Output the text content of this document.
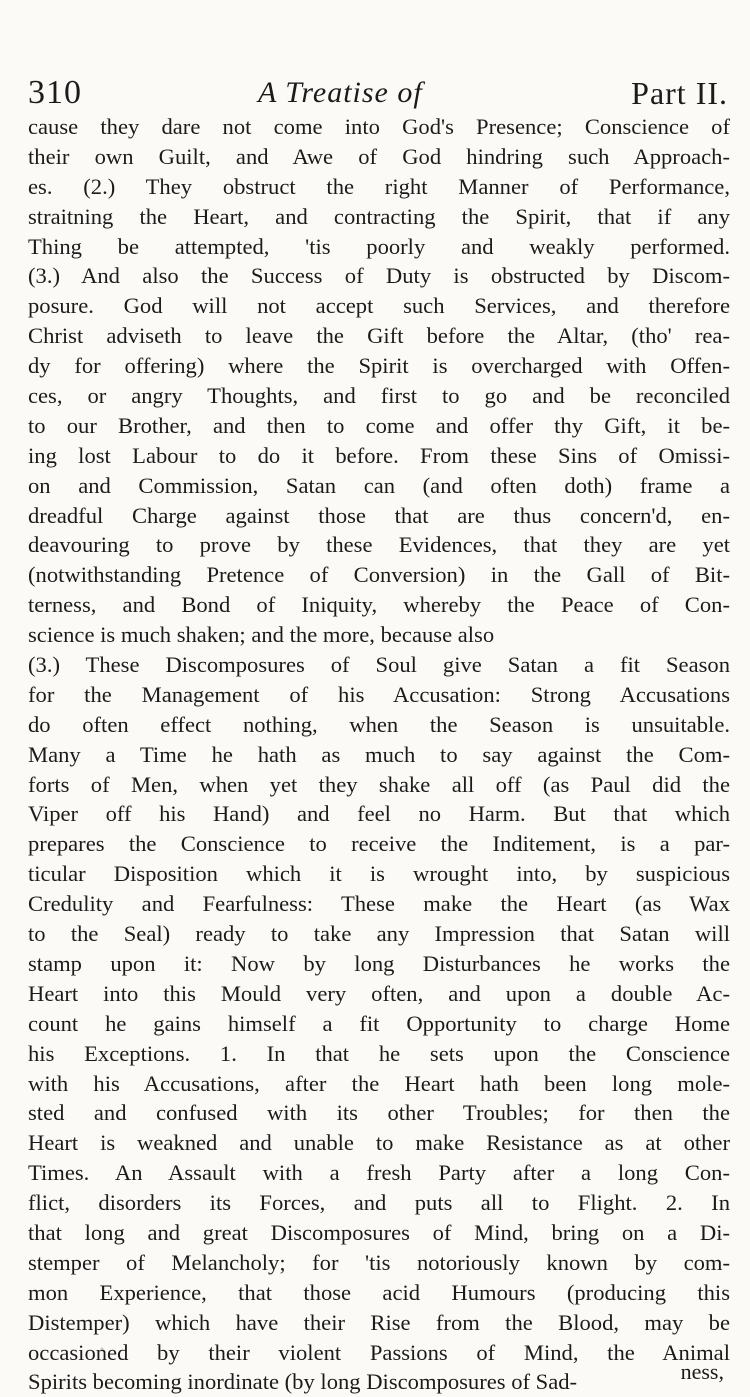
310	A Treatise of	Part II.
cause they dare not come into God's Presence; Conscience of
their own Guilt, and Awe of God hindring such Approach-
es. (2.) They obstruct the right Manner of Performance,
straitning the Heart, and contracting the Spirit, that if any
Thing be attempted, 'tis poorly and weakly performed.
(3.) And also the Success of Duty is obstructed by Discom-
posure. God will not accept such Services, and therefore
Christ adviseth to leave the Gift before the Altar, (tho' rea-
dy for offering) where the Spirit is overcharged with Offen-
ces, or angry Thoughts, and first to go and be reconciled
to our Brother, and then to come and offer thy Gift, it be-
ing lost Labour to do it before. From these Sins of Omissi-
on and Commission, Satan can (and often doth) frame a
dreadful Charge against those that are thus concern'd, en-
deavouring to prove by these Evidences, that they are yet
(notwithstanding Pretence of Conversion) in the Gall of Bit-
terness, and Bond of Iniquity, whereby the Peace of Con-
science is much shaken; and the more, because also
(3.) These Discomposures of Soul give Satan a fit Season
for the Management of his Accusation: Strong Accusations
do often effect nothing, when the Season is unsuitable.
Many a Time he hath as much to say against the Com-
forts of Men, when yet they shake all off (as Paul did the
Viper off his Hand) and feel no Harm. But that which
prepares the Conscience to receive the Inditement, is a par-
ticular Disposition which it is wrought into, by suspicious
Credulity and Fearfulness: These make the Heart (as Wax
to the Seal) ready to take any Impression that Satan will
stamp upon it: Now by long Disturbances he works the
Heart into this Mould very often, and upon a double Ac-
count he gains himself a fit Opportunity to charge Home
his Exceptions. 1. In that he sets upon the Conscience
with his Accusations, after the Heart hath been long mole-
sted and confused with its other Troubles; for then the
Heart is weakned and unable to make Resistance as at other
Times. An Assault with a fresh Party after a long Con-
flict, disorders its Forces, and puts all to Flight. 2. In
that long and great Discomposures of Mind, bring on a Di-
stemper of Melancholy; for 'tis notoriously known by com-
mon Experience, that those acid Humours (producing this
Distemper) which have their Rise from the Blood, may be
occasioned by their violent Passions of Mind, the Animal
Spirits becoming inordinate (by long Discomposures of Sad-	ness,
